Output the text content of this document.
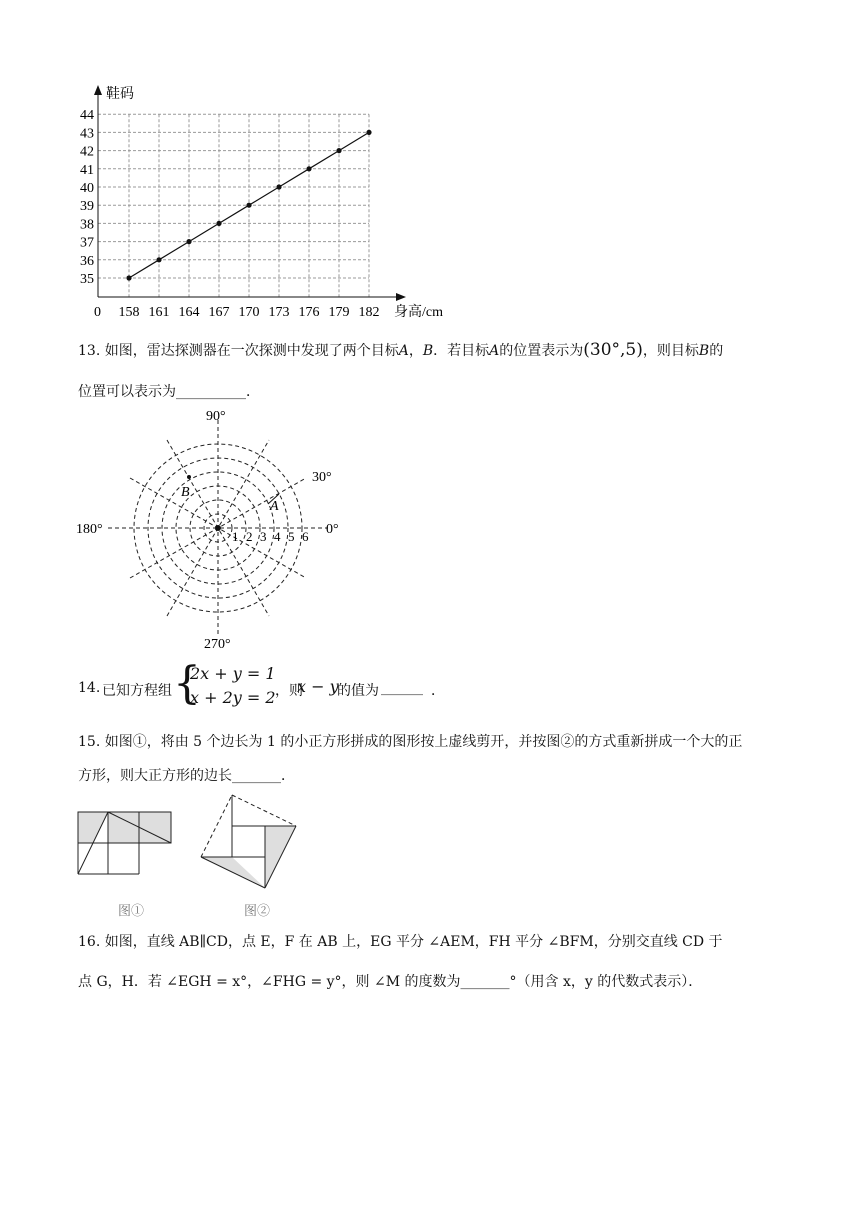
35
36
37
38
39
40
41
42
43
44
158 161 164 167 170 173 176 179 182
鞋码
身高/cm
0
13. 如图，雷达探测器在一次探测中发现了两个目标A，B．若目标A的位置表示为(30°,5)，则目标B的
位置可以表示为__________．
90°
30°
180°	0°
270°
A
B
1 2 3 4 5 6
14. 已知方程组 {
2x + y = 1
x + 2y = 2 ，则
x − y
的值为 ______ ．
15. 如图①，将由 5 个边长为 1 的小正方形拼成的图形按上虚线剪开，并按图②的方式重新拼成一个大的正
方形，则大正方形的边长_______．
图①	图②
16. 如图，直线 AB∥CD，点 E，F 在 AB 上，EG 平分 ∠AEM，FH 平分 ∠BFM，分别交直线 CD 于
点 G，H．若 ∠EGH = x°，∠FHG = y°，则 ∠M 的度数为_______°（用含 x，y 的代数式表示）．
